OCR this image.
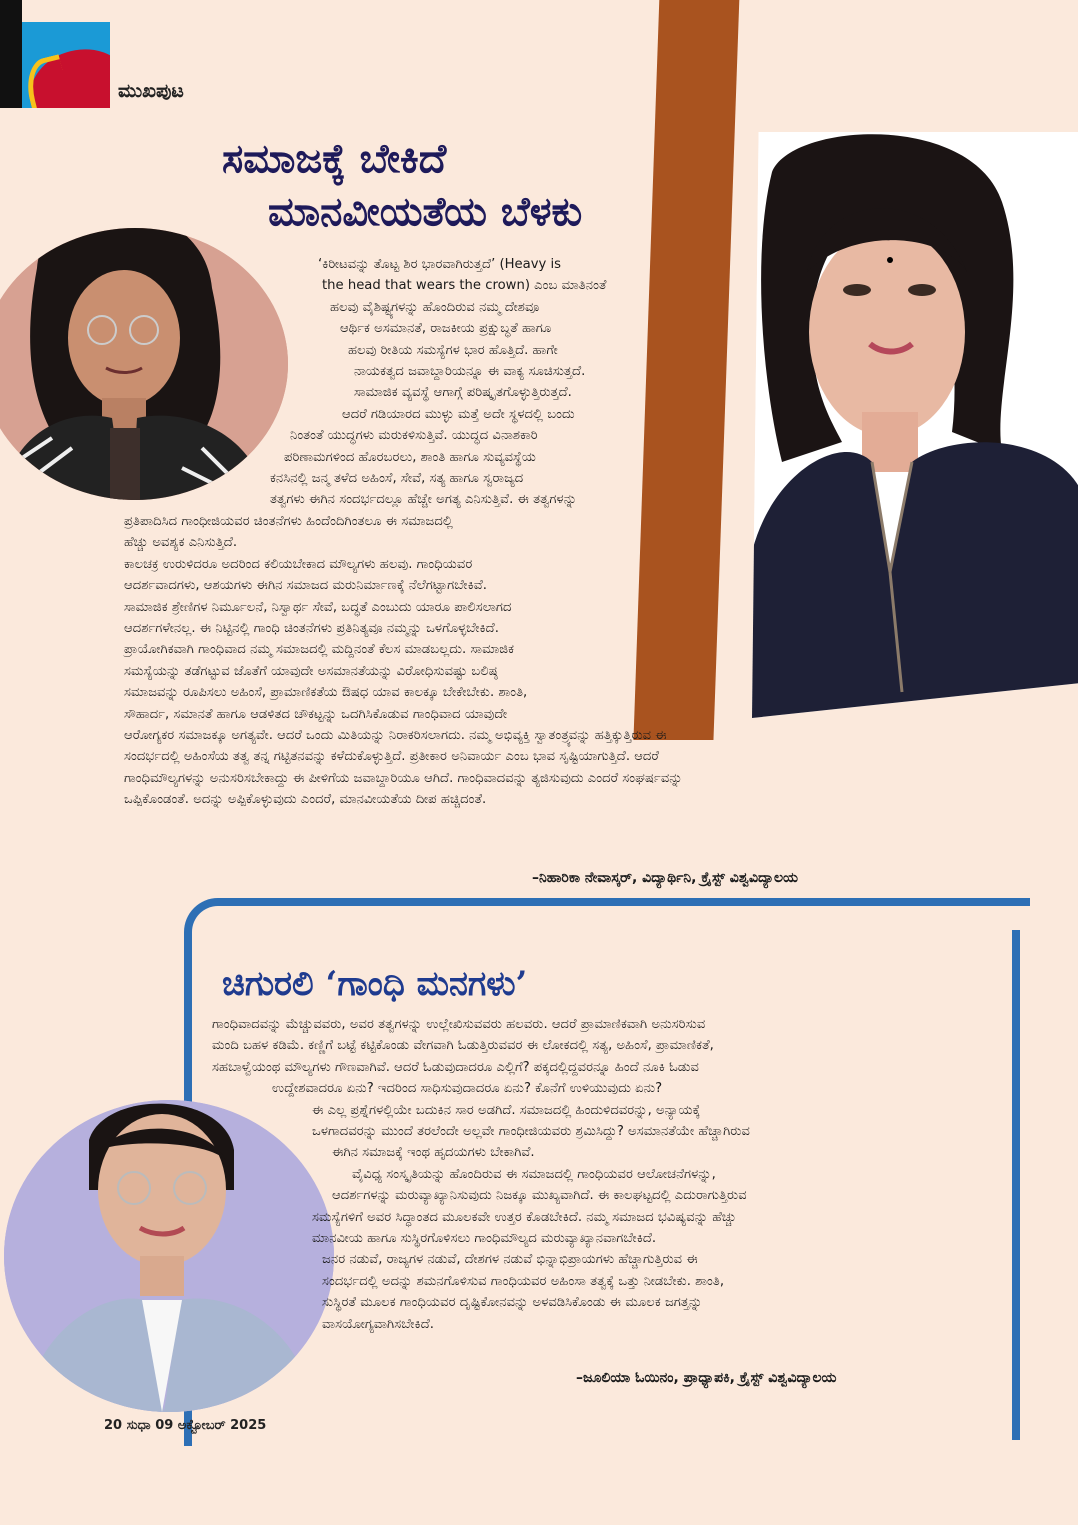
ಮುಖಪುಟ
ಸಮಾಜಕ್ಕೆ ಬೇಕಿದೆ
ಮಾನವೀಯತೆಯ ಬೆಳಕು

‘ಕಿರೀಟವನ್ನು ತೊಟ್ಟ ಶಿರ ಭಾರವಾಗಿರುತ್ತದೆ’ (Heavy is

the head that wears the crown) ಎಂಬ ಮಾತಿನಂತೆ

ಹಲವು ವೈಶಿಷ್ಟ್ಯಗಳನ್ನು ಹೊಂದಿರುವ ನಮ್ಮ ದೇಶವೂ

ಆರ್ಥಿಕ ಅಸಮಾನತೆ, ರಾಜಕೀಯ ಪ್ರಕ್ಷುಬ್ಧತೆ ಹಾಗೂ

ಹಲವು ರೀತಿಯ ಸಮಸ್ಯೆಗಳ ಭಾರ ಹೊತ್ತಿದೆ. ಹಾಗೇ

ನಾಯಕತ್ವದ ಜವಾಬ್ದಾರಿಯನ್ನೂ ಈ ವಾಕ್ಯ ಸೂಚಿಸುತ್ತದೆ.

ಸಾಮಾಜಿಕ ವ್ಯವಸ್ಥೆ ಆಗಾಗ್ಗೆ ಪರಿಷ್ಕೃತಗೊಳ್ಳುತ್ತಿರುತ್ತದೆ.

ಆದರೆ ಗಡಿಯಾರದ ಮುಳ್ಳು ಮತ್ತೆ ಅದೇ ಸ್ಥಳದಲ್ಲಿ ಬಂದು

ನಿಂತಂತೆ ಯುದ್ಧಗಳು ಮರುಕಳಿಸುತ್ತಿವೆ. ಯುದ್ಧದ ವಿನಾಶಕಾರಿ

ಪರಿಣಾಮಗಳಿಂದ ಹೊರಬರಲು, ಶಾಂತಿ ಹಾಗೂ ಸುವ್ಯವಸ್ಥೆಯ

ಕನಸಿನಲ್ಲಿ ಜನ್ಮ ತಳೆದ ಅಹಿಂಸೆ, ಸೇವೆ, ಸತ್ಯ ಹಾಗೂ ಸ್ವರಾಜ್ಯದ

ತತ್ವಗಳು ಈಗಿನ ಸಂದರ್ಭದಲ್ಲೂ ಹೆಚ್ಚೇ ಅಗತ್ಯ ಎನಿಸುತ್ತಿವೆ. ಈ ತತ್ವಗಳನ್ನು

ಪ್ರತಿಪಾದಿಸಿದ ಗಾಂಧೀಜಿಯವರ ಚಿಂತನೆಗಳು ಹಿಂದೆಂದಿಗಿಂತಲೂ ಈ ಸಮಾಜದಲ್ಲಿ

ಹೆಚ್ಚು ಅವಶ್ಯಕ ಎನಿಸುತ್ತಿದೆ.

ಕಾಲಚಕ್ರ ಉರುಳಿದರೂ ಅದರಿಂದ ಕಲಿಯಬೇಕಾದ ಮೌಲ್ಯಗಳು ಹಲವು. ಗಾಂಧಿಯವರ

ಆದರ್ಶವಾದಗಳು, ಆಶಯಗಳು ಈಗಿನ ಸಮಾಜದ ಮರುನಿರ್ಮಾಣಕ್ಕೆ ನೆಲೆಗಟ್ಟಾಗಬೇಕಿವೆ.

ಸಾಮಾಜಿಕ ಶ್ರೇಣಿಗಳ ನಿರ್ಮೂಲನೆ, ನಿಸ್ವಾರ್ಥ ಸೇವೆ, ಬದ್ಧತೆ ಎಂಬುದು ಯಾರೂ ಪಾಲಿಸಲಾಗದ

ಆದರ್ಶಗಳೇನಲ್ಲ. ಈ ನಿಟ್ಟಿನಲ್ಲಿ ಗಾಂಧಿ ಚಿಂತನೆಗಳು ಪ್ರತಿನಿತ್ಯವೂ ನಮ್ಮನ್ನು ಒಳಗೊಳ್ಳಬೇಕಿದೆ.

ಪ್ರಾಯೋಗಿಕವಾಗಿ ಗಾಂಧಿವಾದ ನಮ್ಮ ಸಮಾಜದಲ್ಲಿ ಮದ್ದಿನಂತೆ ಕೆಲಸ ಮಾಡಬಲ್ಲದು. ಸಾಮಾಜಿಕ

ಸಮಸ್ಯೆಯನ್ನು ತಡೆಗಟ್ಟುವ ಜೊತೆಗೆ ಯಾವುದೇ ಅಸಮಾನತೆಯನ್ನು ವಿರೋಧಿಸುವಷ್ಟು ಬಲಿಷ್ಠ

ಸಮಾಜವನ್ನು ರೂಪಿಸಲು ಅಹಿಂಸೆ, ಪ್ರಾಮಾಣಿಕತೆಯ ಔಷಧ ಯಾವ ಕಾಲಕ್ಕೂ ಬೇಕೇಬೇಕು. ಶಾಂತಿ,

ಸೌಹಾರ್ದ, ಸಮಾನತೆ ಹಾಗೂ ಆಡಳಿತದ ಚೌಕಟ್ಟನ್ನು ಒದಗಿಸಿಕೊಡುವ ಗಾಂಧಿವಾದ ಯಾವುದೇ

ಆರೋಗ್ಯಕರ ಸಮಾಜಕ್ಕೂ ಅಗತ್ಯವೇ. ಆದರೆ ಒಂದು ಮಿತಿಯನ್ನು ನಿರಾಕರಿಸಲಾಗದು. ನಮ್ಮ ಅಭಿವ್ಯಕ್ತಿ ಸ್ವಾತಂತ್ರ್ಯವನ್ನು ಹತ್ತಿಕ್ಕುತ್ತಿರುವ ಈ

ಸಂದರ್ಭದಲ್ಲಿ ಅಹಿಂಸೆಯ ತತ್ವ ತನ್ನ ಗಟ್ಟಿತನವನ್ನು ಕಳೆದುಕೊಳ್ಳುತ್ತಿದೆ. ಪ್ರತೀಕಾರ ಅನಿವಾರ್ಯ ಎಂಬ ಭಾವ ಸೃಷ್ಟಿಯಾಗುತ್ತಿದೆ. ಆದರೆ

ಗಾಂಧಿಮೌಲ್ಯಗಳನ್ನು ಅನುಸರಿಸಬೇಕಾದ್ದು ಈ ಪೀಳಿಗೆಯ ಜವಾಬ್ದಾರಿಯೂ ಆಗಿದೆ. ಗಾಂಧಿವಾದವನ್ನು ತ್ಯಜಿಸುವುದು ಎಂದರೆ ಸಂಘರ್ಷವನ್ನು

ಒಪ್ಪಿಕೊಂಡಂತೆ. ಅದನ್ನು ಅಪ್ಪಿಕೊಳ್ಳುವುದು ಎಂದರೆ, ಮಾನವೀಯತೆಯ ದೀಪ ಹಚ್ಚಿದಂತೆ.

–ನಿಹಾರಿಕಾ ನೇವಾಸ್ಕರ್, ವಿದ್ಯಾರ್ಥಿನಿ, ಕ್ರೈಸ್ಟ್ ವಿಶ್ವವಿದ್ಯಾಲಯ
ಚಿಗುರಲಿ ‘ಗಾಂಧಿ ಮನಗಳು’

ಗಾಂಧಿವಾದವನ್ನು ಮೆಚ್ಚುವವರು, ಅವರ ತತ್ವಗಳನ್ನು ಉಲ್ಲೇಖಿಸುವವರು ಹಲವರು. ಆದರೆ ಪ್ರಾಮಾಣಿಕವಾಗಿ ಅನುಸರಿಸುವ

ಮಂದಿ ಬಹಳ ಕಡಿಮೆ. ಕಣ್ಣಿಗೆ ಬಟ್ಟೆ ಕಟ್ಟಿಕೊಂಡು ವೇಗವಾಗಿ ಓಡುತ್ತಿರುವವರ ಈ ಲೋಕದಲ್ಲಿ ಸತ್ಯ, ಅಹಿಂಸೆ, ಪ್ರಾಮಾಣಿಕತೆ,

ಸಹಬಾಳ್ವೆಯಂಥ ಮೌಲ್ಯಗಳು ಗೌಣವಾಗಿವೆ. ಆದರೆ ಓಡುವುದಾದರೂ ಎಲ್ಲಿಗೆ? ಪಕ್ಕದಲ್ಲಿದ್ದವರನ್ನೂ ಹಿಂದೆ ನೂಕಿ ಓಡುವ

ಉದ್ದೇಶವಾದರೂ ಏನು? ಇದರಿಂದ ಸಾಧಿಸುವುದಾದರೂ ಏನು? ಕೊನೆಗೆ ಉಳಿಯುವುದು ಏನು?

ಈ ಎಲ್ಲ ಪ್ರಶ್ನೆಗಳಲ್ಲಿಯೇ ಬದುಕಿನ ಸಾರ ಅಡಗಿದೆ. ಸಮಾಜದಲ್ಲಿ ಹಿಂದುಳಿದವರನ್ನು, ಅನ್ಯಾಯಕ್ಕೆ

ಒಳಗಾದವರನ್ನು ಮುಂದೆ ತರಲೆಂದೇ ಅಲ್ಲವೇ ಗಾಂಧೀಜಿಯವರು ಶ್ರಮಿಸಿದ್ದು? ಅಸಮಾನತೆಯೇ ಹೆಚ್ಚಾಗಿರುವ

ಈಗಿನ ಸಮಾಜಕ್ಕೆ ಇಂಥ ಹೃದಯಗಳು ಬೇಕಾಗಿವೆ.

ವೈವಿಧ್ಯ ಸಂಸ್ಕೃತಿಯನ್ನು ಹೊಂದಿರುವ ಈ ಸಮಾಜದಲ್ಲಿ ಗಾಂಧಿಯವರ ಆಲೋಚನೆಗಳನ್ನು,

ಆದರ್ಶಗಳನ್ನು ಮರುವ್ಯಾಖ್ಯಾನಿಸುವುದು ನಿಜಕ್ಕೂ ಮುಖ್ಯವಾಗಿದೆ. ಈ ಕಾಲಘಟ್ಟದಲ್ಲಿ ಎದುರಾಗುತ್ತಿರುವ

ಸಮಸ್ಯೆಗಳಿಗೆ ಅವರ ಸಿದ್ಧಾಂತದ ಮೂಲಕವೇ ಉತ್ತರ ಕೊಡಬೇಕಿದೆ. ನಮ್ಮ ಸಮಾಜದ ಭವಿಷ್ಯವನ್ನು ಹೆಚ್ಚು

ಮಾನವೀಯ ಹಾಗೂ ಸುಸ್ಥಿರಗೊಳಿಸಲು ಗಾಂಧಿಮೌಲ್ಯದ ಮರುವ್ಯಾಖ್ಯಾನವಾಗಬೇಕಿದೆ.

ಜನರ ನಡುವೆ, ರಾಜ್ಯಗಳ ನಡುವೆ, ದೇಶಗಳ ನಡುವೆ ಭಿನ್ನಾಭಿಪ್ರಾಯಗಳು ಹೆಚ್ಚಾಗುತ್ತಿರುವ ಈ

ಸಂದರ್ಭದಲ್ಲಿ ಅದನ್ನು ಶಮನಗೊಳಿಸುವ ಗಾಂಧಿಯವರ ಅಹಿಂಸಾ ತತ್ವಕ್ಕೆ ಒತ್ತು ನೀಡಬೇಕು. ಶಾಂತಿ,

ಸುಸ್ಥಿರತೆ ಮೂಲಕ ಗಾಂಧಿಯವರ ದೃಷ್ಟಿಕೋನವನ್ನು ಅಳವಡಿಸಿಕೊಂಡು ಈ ಮೂಲಕ ಜಗತ್ತನ್ನು

ವಾಸಯೋಗ್ಯವಾಗಿಸಬೇಕಿದೆ.

–ಜೂಲಿಯಾ ಓಯಿನಂ, ಪ್ರಾಧ್ಯಾಪಕಿ, ಕ್ರೈಸ್ಟ್ ವಿಶ್ವವಿದ್ಯಾಲಯ
20 ಸುಧಾ 09 ಅಕ್ಟೋಬರ್ 2025
